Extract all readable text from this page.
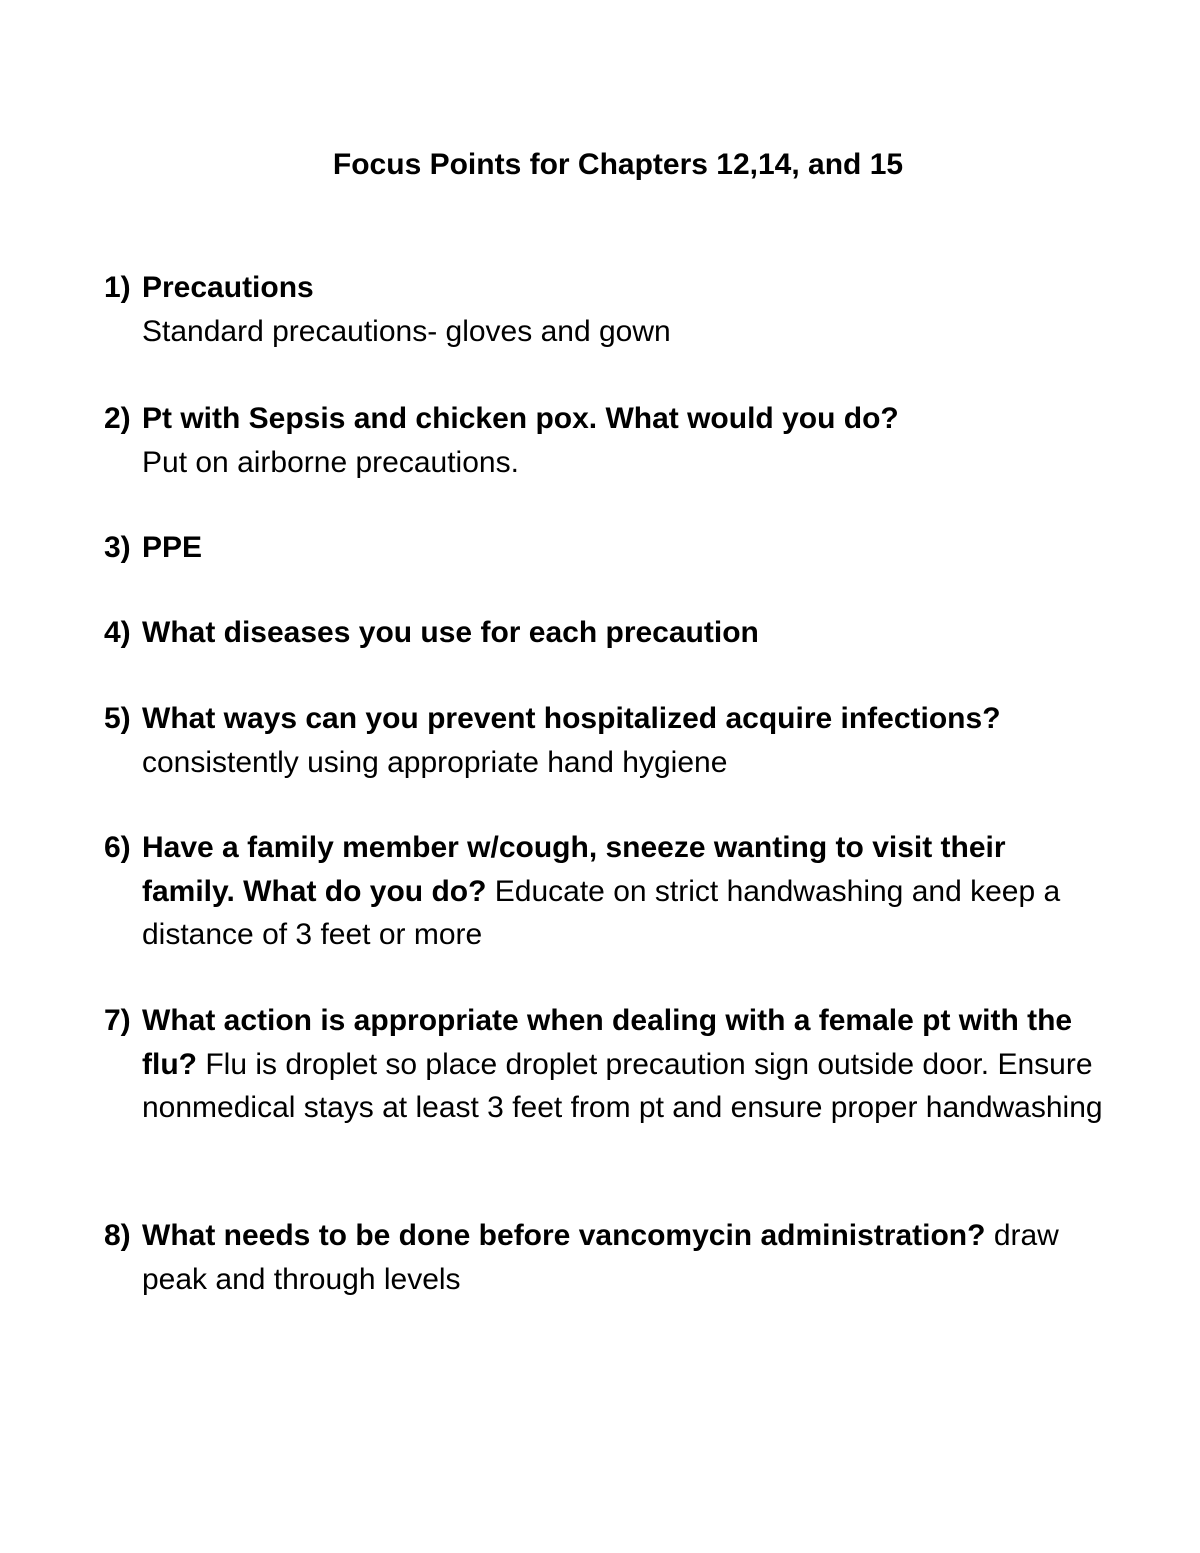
Focus Points for Chapters 12,14, and 15
1) Precautions
Standard precautions- gloves and gown
2) Pt with Sepsis and chicken pox. What would you do?
Put on airborne precautions.
3) PPE
4) What diseases you use for each precaution
5) What ways can you prevent hospitalized acquire infections?
consistently using appropriate hand hygiene
6) Have a family member w/cough, sneeze wanting to visit their family. What do you do? Educate on strict handwashing and keep a distance of 3 feet or more
7) What action is appropriate when dealing with a female pt with the flu? Flu is droplet so place droplet precaution sign outside door. Ensure nonmedical stays at least 3 feet from pt and ensure proper handwashing
8) What needs to be done before vancomycin administration? draw peak and through levels
